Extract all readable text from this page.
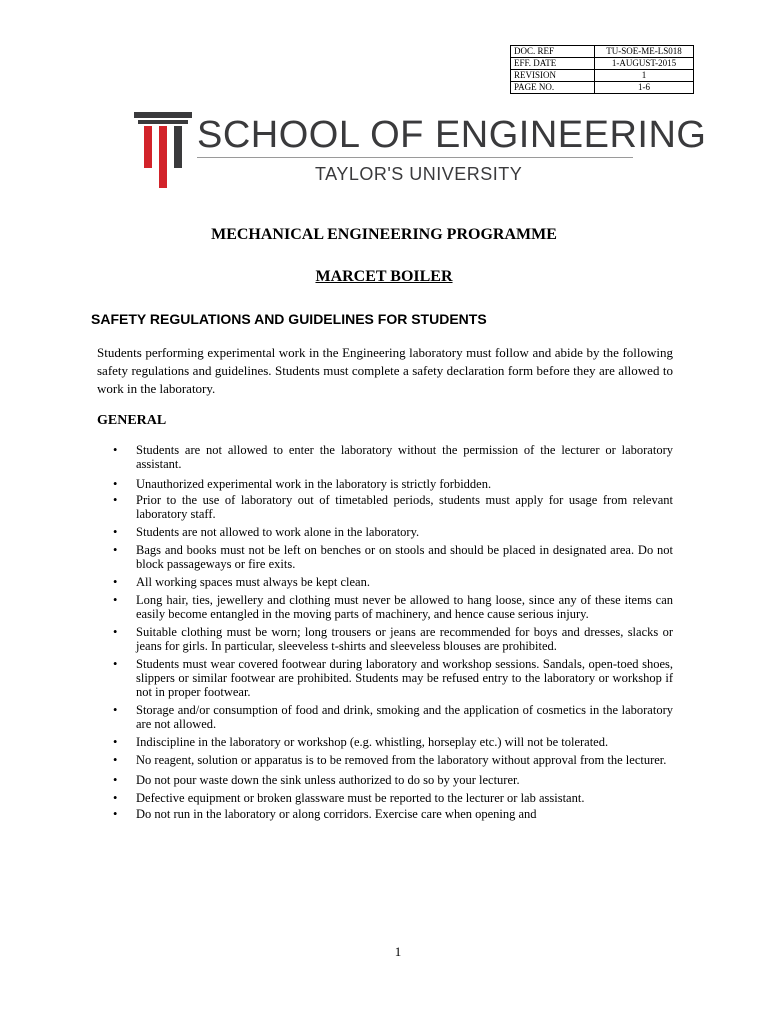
DOC. REF	TU-SOE-ME-LS018
EFF. DATE	1-AUGUST-2015
REVISION	1
PAGE NO.	1-6
SCHOOL OF ENGINEERING
TAYLOR'S UNIVERSITY
MECHANICAL ENGINEERING PROGRAMME
MARCET BOILER
SAFETY REGULATIONS AND GUIDELINES FOR STUDENTS
Students performing experimental work in the Engineering laboratory must follow and abide by the following safety regulations and guidelines. Students must complete a safety declaration form before they are allowed to work in the laboratory.
GENERAL
• Students are not allowed to enter the laboratory without the permission of the lecturer or laboratory assistant.
• Unauthorized experimental work in the laboratory is strictly forbidden.
• Prior to the use of laboratory out of timetabled periods, students must apply for usage from relevant laboratory staff.
• Students are not allowed to work alone in the laboratory.
• Bags and books must not be left on benches or on stools and should be placed in designated area. Do not block passageways or fire exits.
• All working spaces must always be kept clean.
• Long hair, ties, jewellery and clothing must never be allowed to hang loose, since any of these items can easily become entangled in the moving parts of machinery, and hence cause serious injury.
• Suitable clothing must be worn; long trousers or jeans are recommended for boys and dresses, slacks or jeans for girls. In particular, sleeveless t-shirts and sleeveless blouses are prohibited.
• Students must wear covered footwear during laboratory and workshop sessions. Sandals, open-toed shoes, slippers or similar footwear are prohibited. Students may be refused entry to the laboratory or workshop if not in proper footwear.
• Storage and/or consumption of food and drink, smoking and the application of cosmetics in the laboratory are not allowed.
• Indiscipline in the laboratory or workshop (e.g. whistling, horseplay etc.) will not be tolerated.
• No reagent, solution or apparatus is to be removed from the laboratory without approval from the lecturer.
• Do not pour waste down the sink unless authorized to do so by your lecturer.
• Defective equipment or broken glassware must be reported to the lecturer or lab assistant.
• Do not run in the laboratory or along corridors. Exercise care when opening and
1
